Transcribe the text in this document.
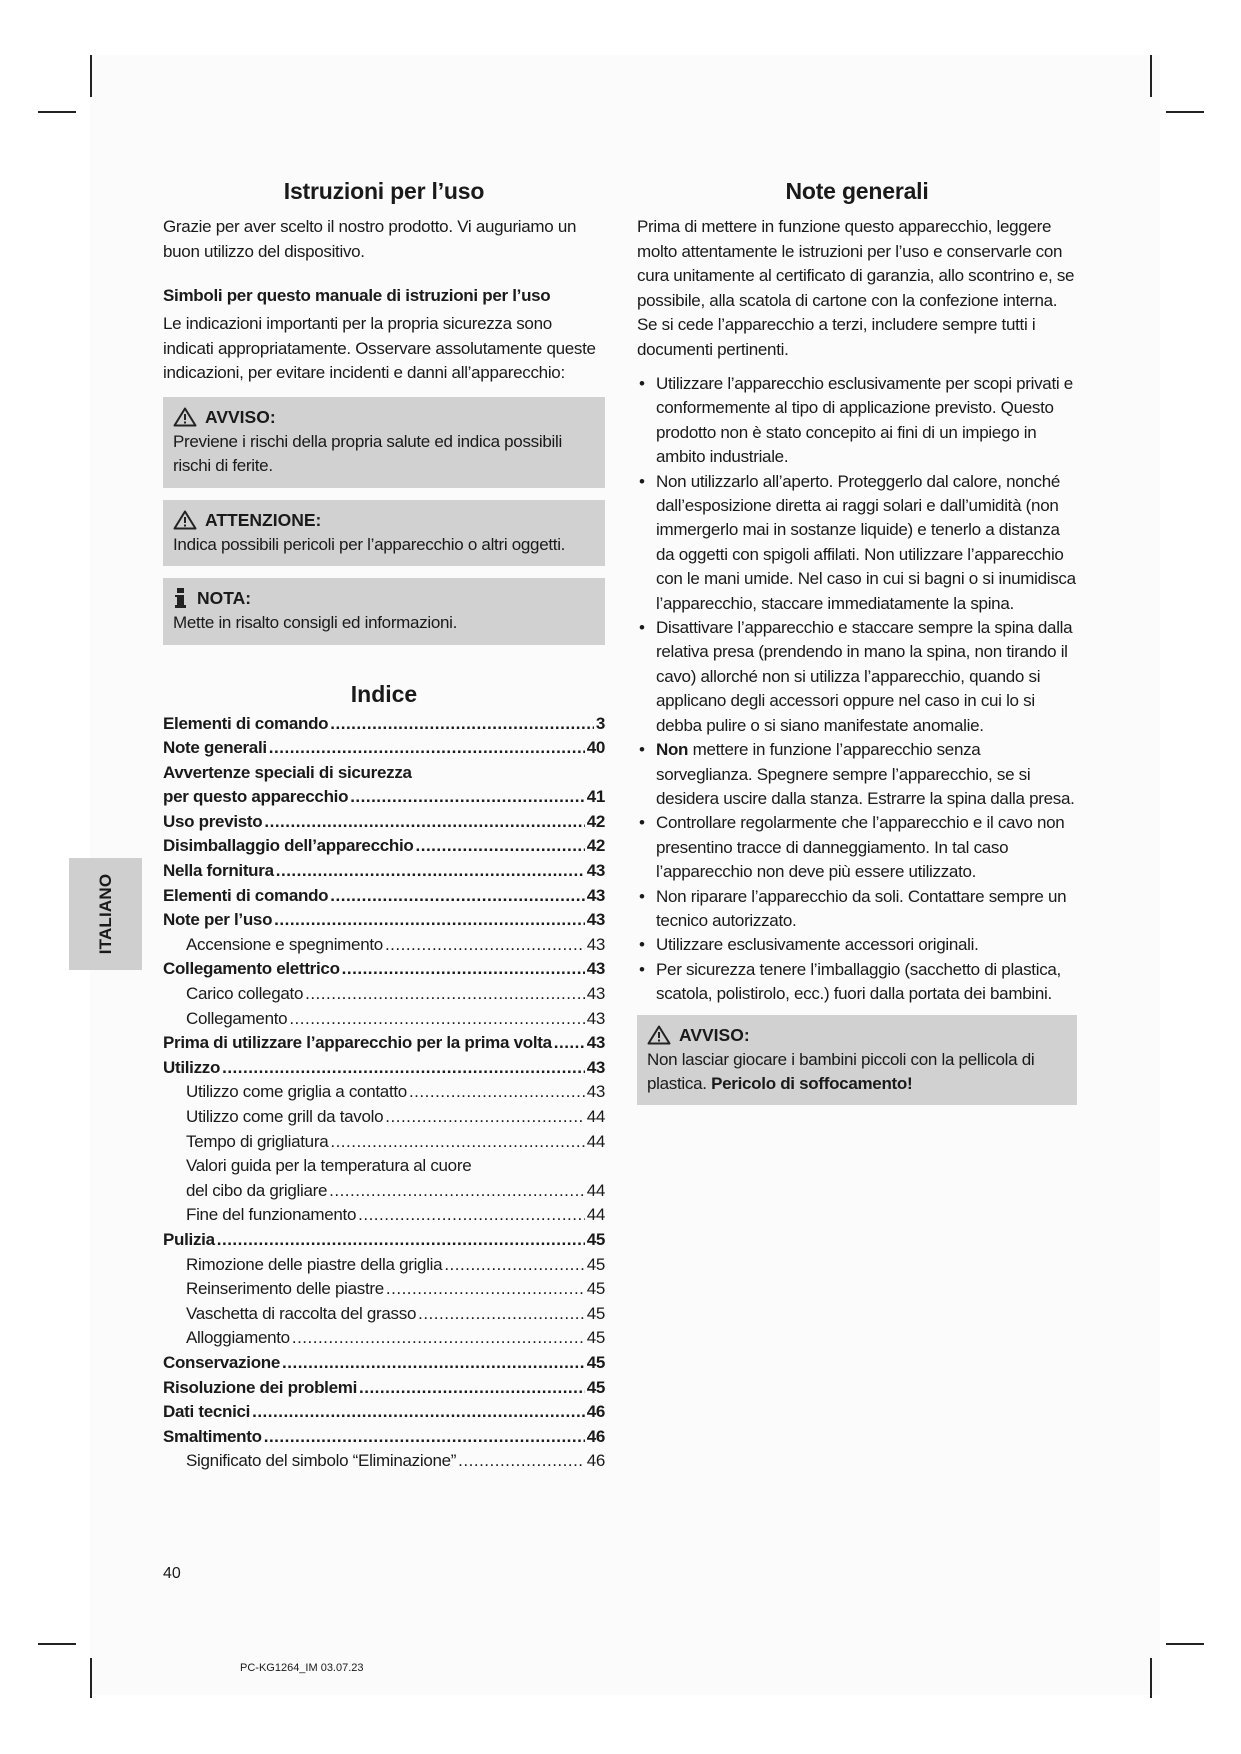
ITALIANO
Istruzioni per l’uso

Grazie per aver scelto il nostro prodotto. Vi auguriamo un buon utilizzo del dispositivo.

Simboli per questo manuale di istruzioni per l’uso

Le indicazioni importanti per la propria sicurezza sono indicati appropriatamente. Osservare assolutamente queste indicazioni, per evitare incidenti e danni all’apparecchio:

AVVISO:
Previene i rischi della propria salute ed indica possibili rischi di ferite.
ATTENZIONE:
Indica possibili pericoli per l’apparecchio o altri oggetti.
NOTA:
Mette in risalto consigli ed informazioni.
Indice
Elementi di comando .....	3
Note generali .....	40
Avvertenze speciali di sicurezza
per questo apparecchio .....	41
Uso previsto .....	42
Disimballaggio dell’apparecchio .....	42
Nella fornitura .....	43
Elementi di comando .....	43
Note per l’uso .....	43
Accensione e spegnimento .....	43
Collegamento elettrico .....	43
Carico collegato .....	43
Collegamento .....	43
Prima di utilizzare l’apparecchio per la prima volta ..... 43
Utilizzo .....	43
Utilizzo come griglia a contatto .....	43
Utilizzo come grill da tavolo .....	44
Tempo di grigliatura .....	44
Valori guida per la temperatura al cuore
del cibo da grigliare .....	44
Fine del funzionamento .....	44
Pulizia .....	45
Rimozione delle piastre della griglia .....	45
Reinserimento delle piastre .....	45
Vaschetta di raccolta del grasso .....	45
Alloggiamento .....	45
Conservazione .....	45
Risoluzione dei problemi .....	45
Dati tecnici .....	46
Smaltimento .....	46
Significato del simbolo “Eliminazione” .....	46
Note generali

Prima di mettere in funzione questo apparecchio, leggere molto attentamente le istruzioni per l’uso e conservarle con cura unitamente al certificato di garanzia, allo scontrino e, se possibile, alla scatola di cartone con la confezione interna. Se si cede l’apparecchio a terzi, includere sempre tutti i documenti pertinenti.

• Utilizzare l’apparecchio esclusivamente per scopi privati e conformemente al tipo di applicazione previsto. Questo prodotto non è stato concepito ai fini di un impiego in ambito industriale.
• Non utilizzarlo all’aperto. Proteggerlo dal calore, nonché dall’esposizione diretta ai raggi solari e dall’umidità (non immergerlo mai in sostanze liquide) e tenerlo a distanza da oggetti con spigoli affilati. Non utilizzare l’apparecchio con le mani umide. Nel caso in cui si bagni o si inumidisca l’apparecchio, staccare immediatamente la spina.
• Disattivare l’apparecchio e staccare sempre la spina dalla relativa presa (prendendo in mano la spina, non tirando il cavo) allorché non si utilizza l’apparecchio, quando si applicano degli accessori oppure nel caso in cui lo si debba pulire o si siano manifestate anomalie.
• Non mettere in funzione l’apparecchio senza sorveglianza. Spegnere sempre l’apparecchio, se si desidera uscire dalla stanza. Estrarre la spina dalla presa.
• Controllare regolarmente che l’apparecchio e il cavo non presentino tracce di danneggiamento. In tal caso l’apparecchio non deve più essere utilizzato.
• Non riparare l’apparecchio da soli. Contattare sempre un tecnico autorizzato.
• Utilizzare esclusivamente accessori originali.
• Per sicurezza tenere l’imballaggio (sacchetto di plastica, scatola, polistirolo, ecc.) fuori dalla portata dei bambini.
AVVISO:
Non lasciar giocare i bambini piccoli con la pellicola di plastica. Pericolo di soffocamento!
40
PC-KG1264_IM 03.07.23
